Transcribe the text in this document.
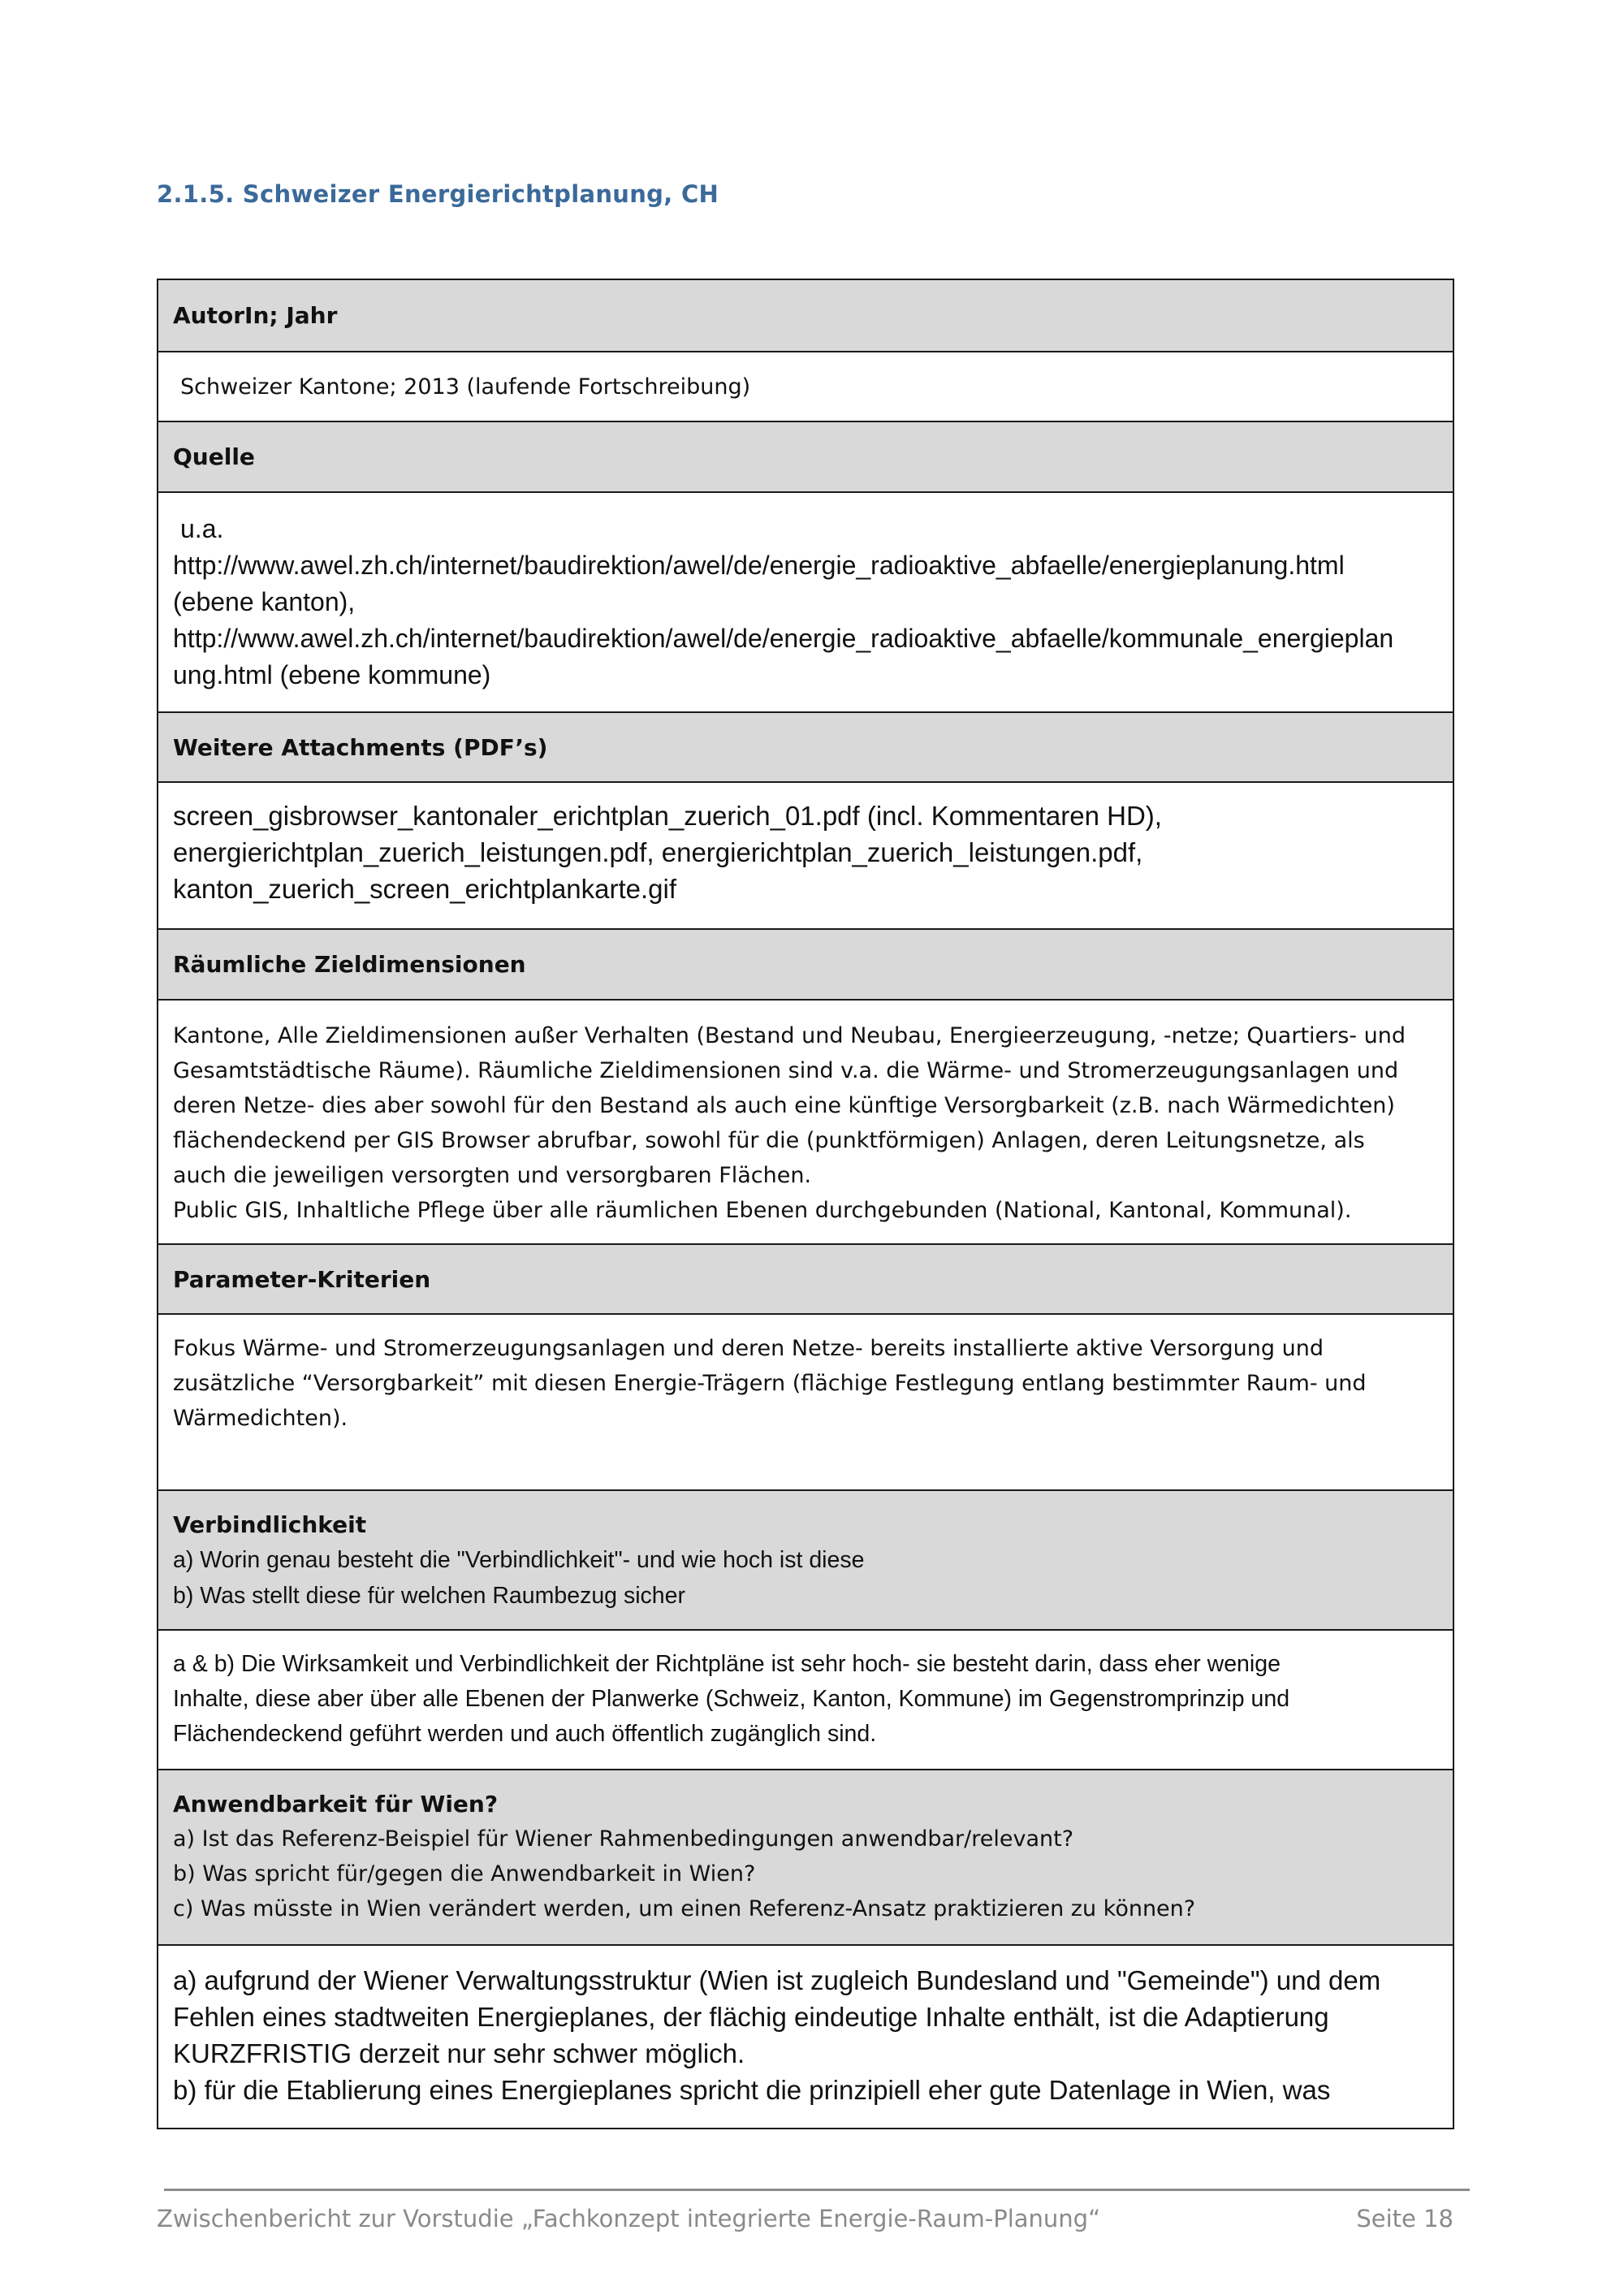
2.1.5. Schweizer Energierichtplanung, CH
AutorIn; Jahr
Schweizer Kantone; 2013 (laufende Fortschreibung)
Quelle
u.a.
http://www.awel.zh.ch/internet/baudirektion/awel/de/energie_radioaktive_abfaelle/energieplanung.html
(ebene kanton),
http://www.awel.zh.ch/internet/baudirektion/awel/de/energie_radioaktive_abfaelle/kommunale_energieplan
ung.html (ebene kommune)
Weitere Attachments (PDF’s)
screen_gisbrowser_kantonaler_erichtplan_zuerich_01.pdf (incl. Kommentaren HD),
energierichtplan_zuerich_leistungen.pdf, energierichtplan_zuerich_leistungen.pdf,
kanton_zuerich_screen_erichtplankarte.gif
Räumliche Zieldimensionen
Kantone, Alle Zieldimensionen außer Verhalten (Bestand und Neubau, Energieerzeugung, -netze; Quartiers- und
Gesamtstädtische Räume). Räumliche Zieldimensionen sind v.a. die Wärme- und Stromerzeugungsanlagen und
deren Netze- dies aber sowohl für den Bestand als auch eine künftige Versorgbarkeit (z.B. nach Wärmedichten)
flächendeckend per GIS Browser abrufbar, sowohl für die (punktförmigen) Anlagen, deren Leitungsnetze, als
auch die jeweiligen versorgten und versorgbaren Flächen.
Public GIS, Inhaltliche Pflege über alle räumlichen Ebenen durchgebunden (National, Kantonal, Kommunal).
Parameter-Kriterien
Fokus Wärme- und Stromerzeugungsanlagen und deren Netze- bereits installierte aktive Versorgung und
zusätzliche “Versorgbarkeit” mit diesen Energie-Trägern (flächige Festlegung entlang bestimmter Raum- und
Wärmedichten).
Verbindlichkeit
a) Worin genau besteht die "Verbindlichkeit"- und wie hoch ist diese
b) Was stellt diese für welchen Raumbezug sicher
a & b) Die Wirksamkeit und Verbindlichkeit der Richtpläne ist sehr hoch- sie besteht darin, dass eher wenige
Inhalte, diese aber über alle Ebenen der Planwerke (Schweiz, Kanton, Kommune) im Gegenstromprinzip und
Flächendeckend geführt werden und auch öffentlich zugänglich sind.
Anwendbarkeit für Wien?
a) Ist das Referenz-Beispiel für Wiener Rahmenbedingungen anwendbar/relevant?
b) Was spricht für/gegen die Anwendbarkeit in Wien?
c) Was müsste in Wien verändert werden, um einen Referenz-Ansatz praktizieren zu können?
a) aufgrund der Wiener Verwaltungsstruktur (Wien ist zugleich Bundesland und "Gemeinde") und dem
Fehlen eines stadtweiten Energieplanes, der flächig eindeutige Inhalte enthält, ist die Adaptierung
KURZFRISTIG derzeit nur sehr schwer möglich.
b) für die Etablierung eines Energieplanes spricht die prinzipiell eher gute Datenlage in Wien, was
Zwischenbericht zur Vorstudie „Fachkonzept integrierte Energie-Raum-Planung“	Seite 18
